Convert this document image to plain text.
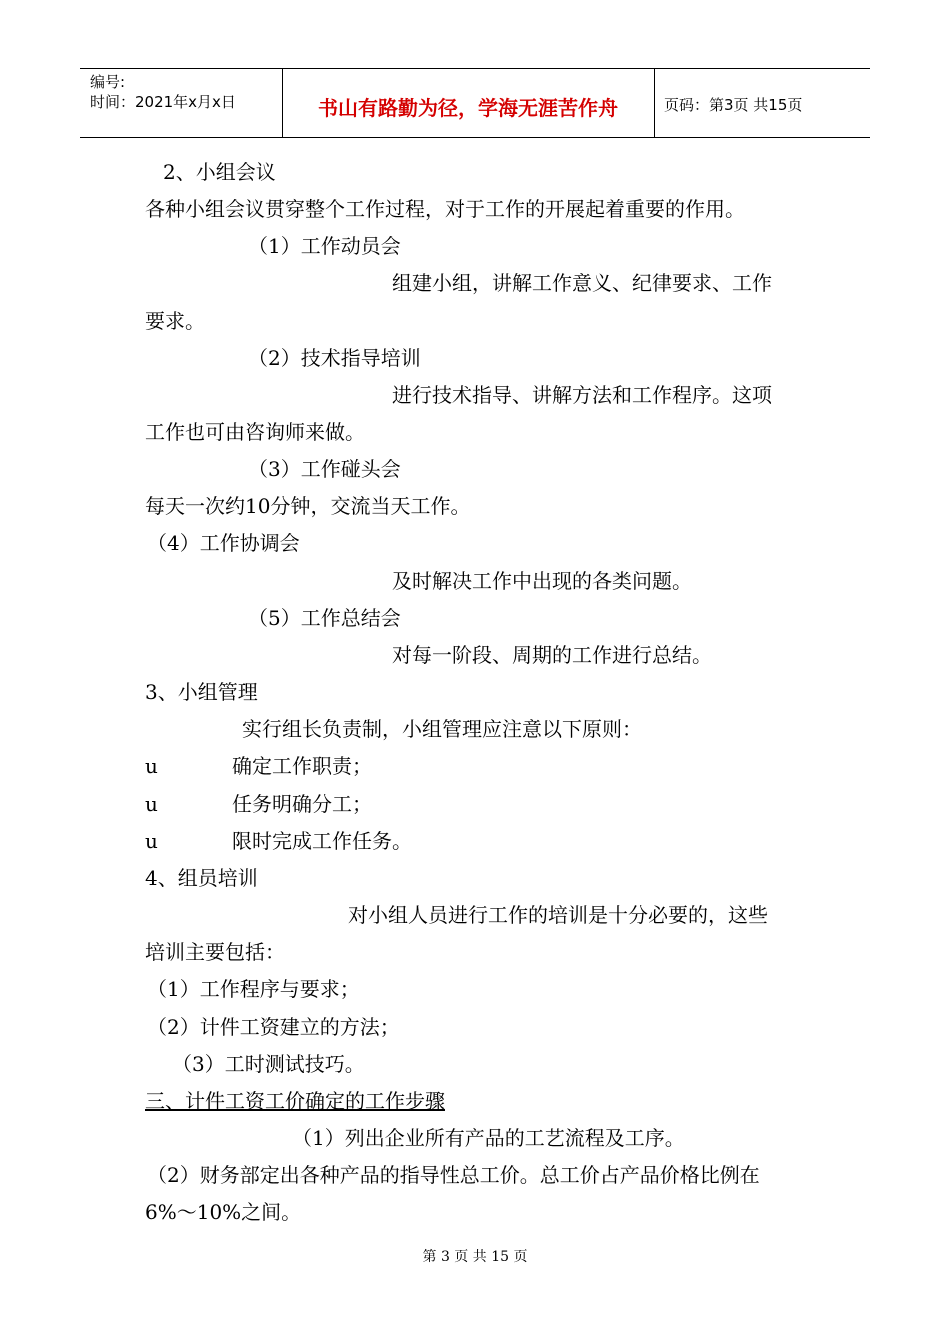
编号:
时间：2021年x月x日	书山有路勤为径，学海无涯苦作舟	页码：第3页 共15页
2、小组会议
各种小组会议贯穿整个工作过程，对于工作的开展起着重要的作用。
（1）工作动员会
组建小组，讲解工作意义、纪律要求、工作
要求。
（2）技术指导培训
进行技术指导、讲解方法和工作程序。这项
工作也可由咨询师来做。
（3）工作碰头会
每天一次约10分钟，交流当天工作。
（4）工作协调会
及时解决工作中出现的各类问题。
（5）工作总结会
对每一阶段、周期的工作进行总结。
3、小组管理
实行组长负责制，小组管理应注意以下原则：
u	确定工作职责；
u	任务明确分工；
u	限时完成工作任务。
4、组员培训
对小组人员进行工作的培训是十分必要的，这些
培训主要包括：
（1）工作程序与要求；
（2）计件工资建立的方法；
（3）工时测试技巧。
三、计件工资工价确定的工作步骤
（1）列出企业所有产品的工艺流程及工序。
（2）财务部定出各种产品的指导性总工价。总工价占产品价格比例在
6%～10%之间。
第 3 页 共 15 页
